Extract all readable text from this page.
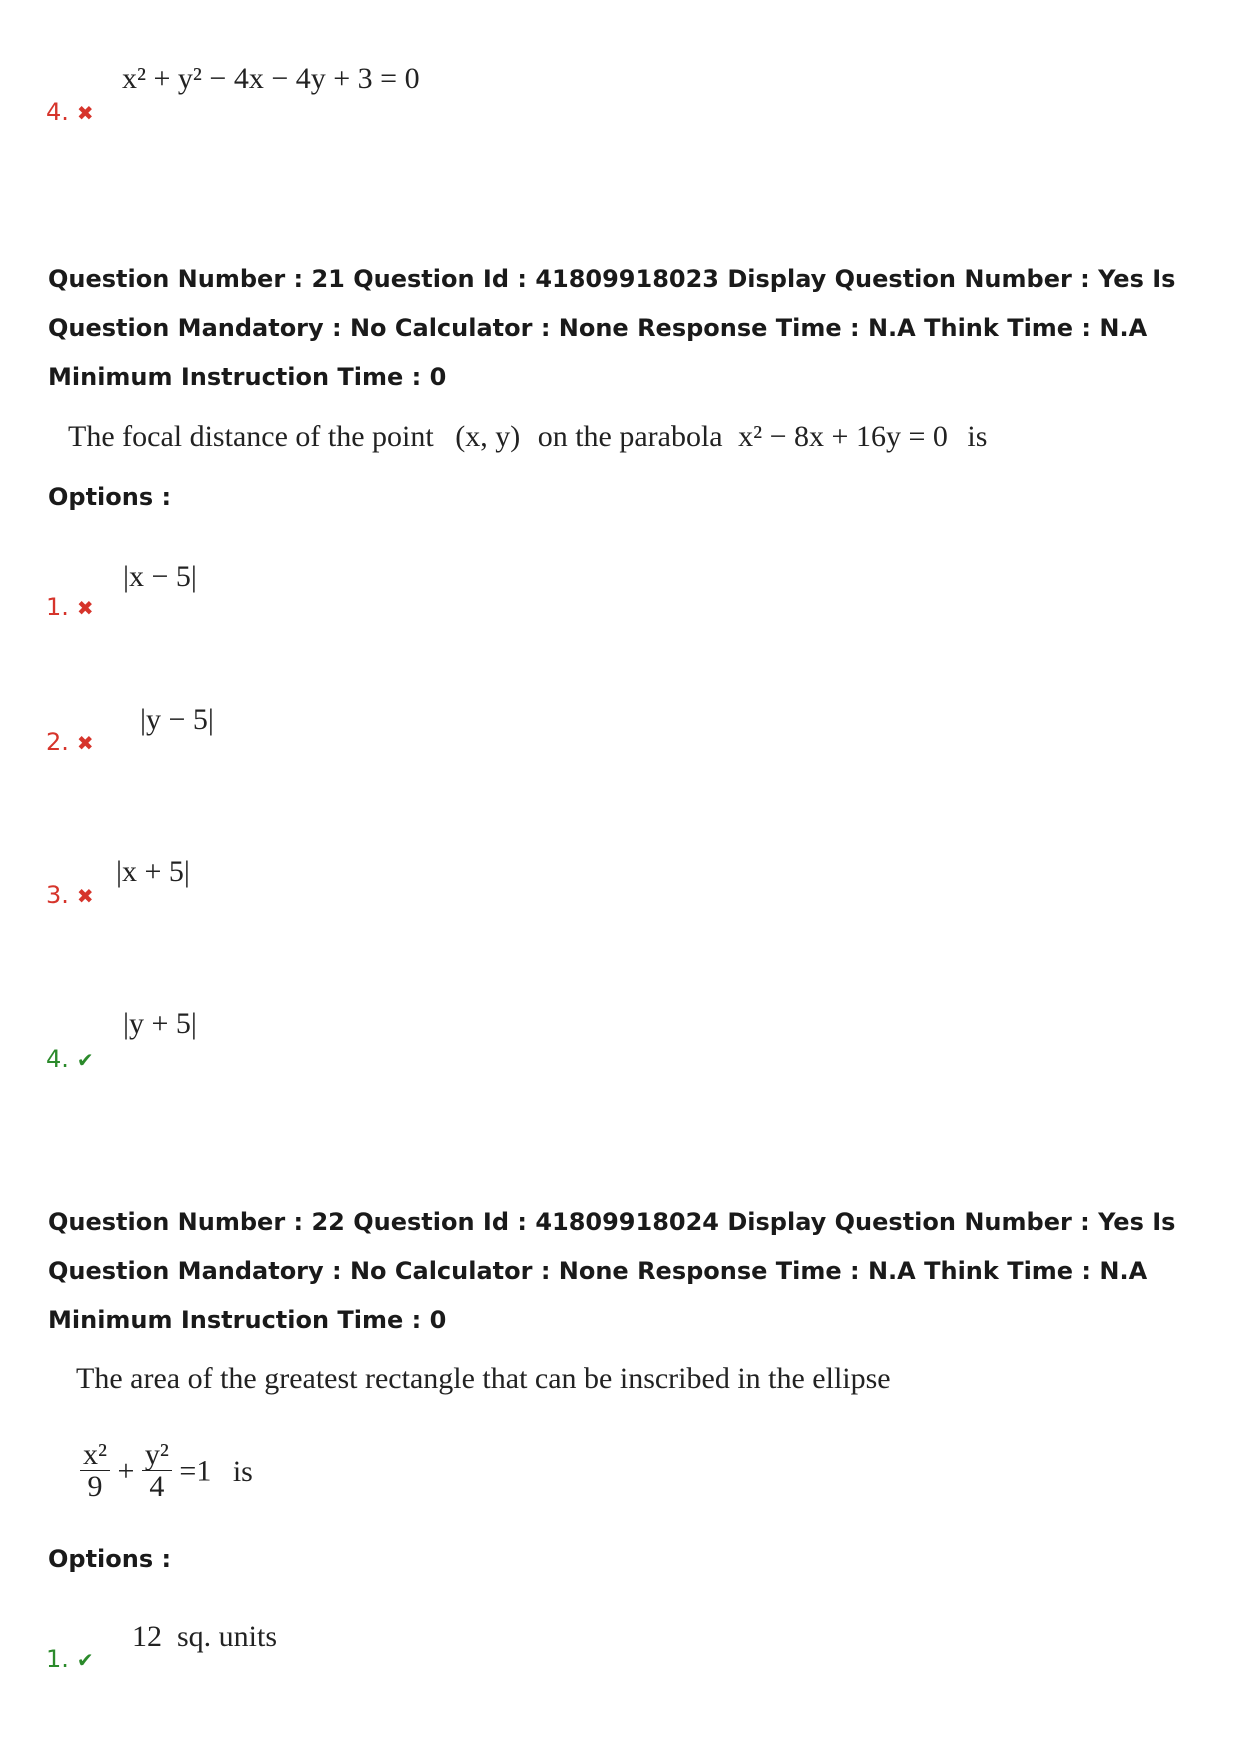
x² + y² − 4x − 4y + 3 = 0
4. ✖
Question Number : 21 Question Id : 41809918023 Display Question Number : Yes Is Question Mandatory : No Calculator : None Response Time : N.A Think Time : N.A Minimum Instruction Time : 0
The focal distance of the point (x, y) on the parabola x² − 8x + 16y = 0 is
Options :
|x − 5|
1. ✖
|y − 5|
2. ✖
|x + 5|
3. ✖
|y + 5|
4. ✔
Question Number : 22 Question Id : 41809918024 Display Question Number : Yes Is Question Mandatory : No Calculator : None Response Time : N.A Think Time : N.A Minimum Instruction Time : 0
The area of the greatest rectangle that can be inscribed in the ellipse
$\frac{\text{x²}}{9} + \frac{\text{y²}}{4} =1$ is
Options :
12  sq. units
1. ✔
